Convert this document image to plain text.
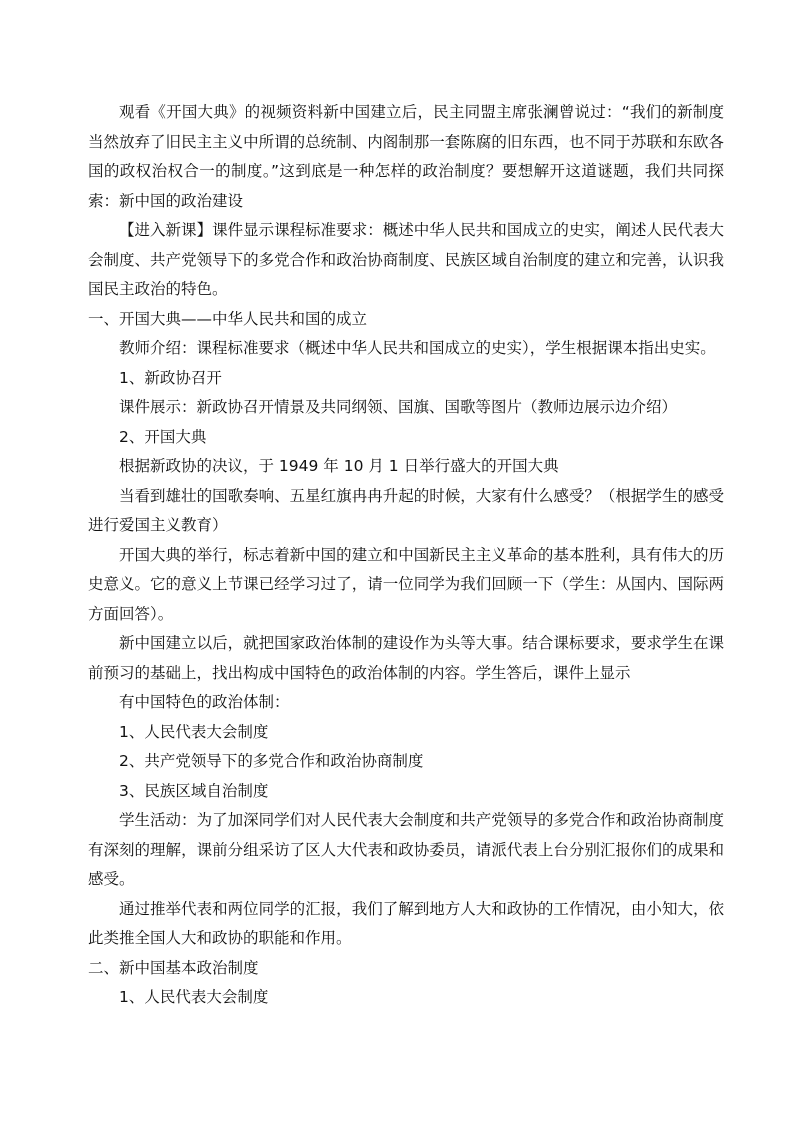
观看《开国大典》的视频资料新中国建立后，民主同盟主席张澜曾说过：“我们的新制度当然放弃了旧民主主义中所谓的总统制、内阁制那一套陈腐的旧东西，也不同于苏联和东欧各国的政权治权合一的制度。”这到底是一种怎样的政治制度？要想解开这道谜题，我们共同探索：新中国的政治建设

【进入新课】课件显示课程标准要求：概述中华人民共和国成立的史实，阐述人民代表大会制度、共产党领导下的多党合作和政治协商制度、民族区域自治制度的建立和完善，认识我国民主政治的特色。

一、开国大典——中华人民共和国的成立

教师介绍：课程标准要求（概述中华人民共和国成立的史实），学生根据课本指出史实。

1、新政协召开

课件展示：新政协召开情景及共同纲领、国旗、国歌等图片（教师边展示边介绍）

2、开国大典

根据新政协的决议，于 1949 年 10 月 1 日举行盛大的开国大典

当看到雄壮的国歌奏响、五星红旗冉冉升起的时候，大家有什么感受？（根据学生的感受进行爱国主义教育）

开国大典的举行，标志着新中国的建立和中国新民主主义革命的基本胜利，具有伟大的历史意义。它的意义上节课已经学习过了，请一位同学为我们回顾一下（学生：从国内、国际两方面回答）。

新中国建立以后，就把国家政治体制的建设作为头等大事。结合课标要求，要求学生在课前预习的基础上，找出构成中国特色的政治体制的内容。学生答后，课件上显示

有中国特色的政治体制：

1、人民代表大会制度

2、共产党领导下的多党合作和政治协商制度

3、民族区域自治制度

学生活动：为了加深同学们对人民代表大会制度和共产党领导的多党合作和政治协商制度有深刻的理解，课前分组采访了区人大代表和政协委员，请派代表上台分别汇报你们的成果和感受。

通过推举代表和两位同学的汇报，我们了解到地方人大和政协的工作情况，由小知大，依此类推全国人大和政协的职能和作用。

二、新中国基本政治制度

1、人民代表大会制度
